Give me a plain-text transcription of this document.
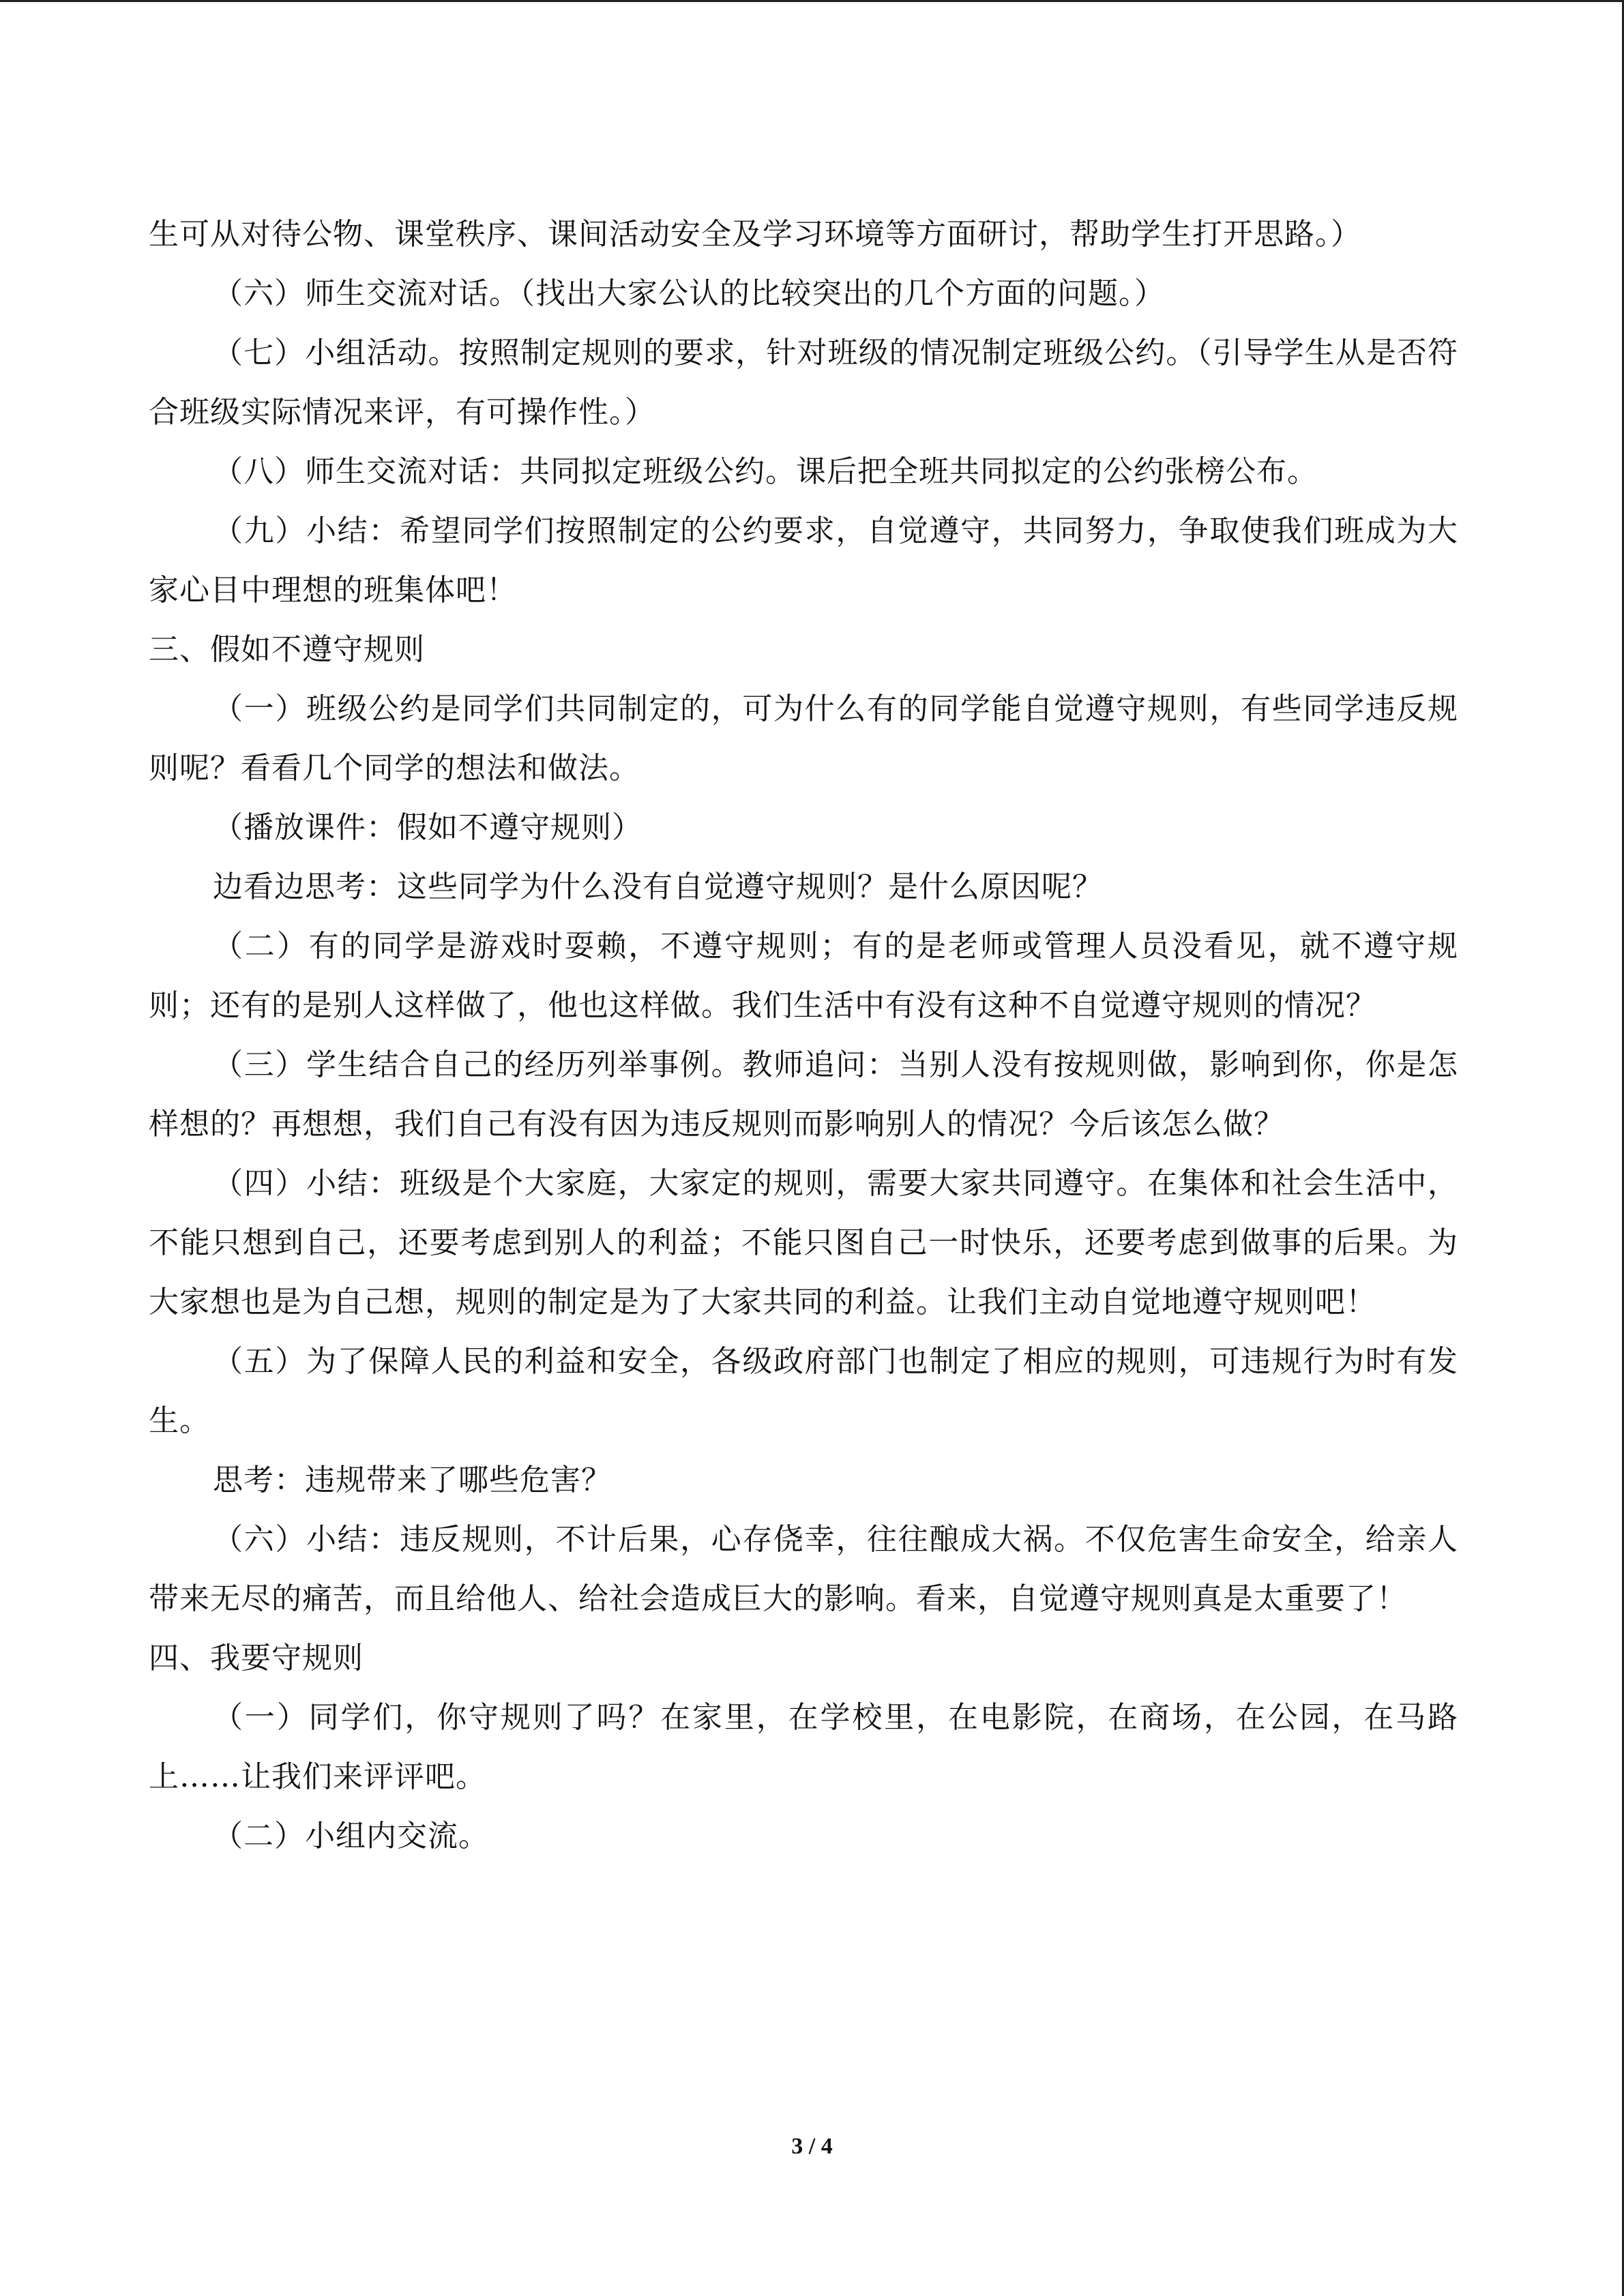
生可从对待公物、课堂秩序、课间活动安全及学习环境等方面研讨，帮助学生打开思路。）

（六）师生交流对话。（找出大家公认的比较突出的几个方面的问题。）

（七）小组活动。按照制定规则的要求，针对班级的情况制定班级公约。（引导学生从是否符合班级实际情况来评，有可操作性。）

（八）师生交流对话：共同拟定班级公约。课后把全班共同拟定的公约张榜公布。

（九）小结：希望同学们按照制定的公约要求，自觉遵守，共同努力，争取使我们班成为大家心目中理想的班集体吧！

三、假如不遵守规则

（一）班级公约是同学们共同制定的，可为什么有的同学能自觉遵守规则，有些同学违反规则呢？看看几个同学的想法和做法。

（播放课件：假如不遵守规则）

边看边思考：这些同学为什么没有自觉遵守规则？是什么原因呢？

（二）有的同学是游戏时耍赖，不遵守规则；有的是老师或管理人员没看见，就不遵守规则；还有的是别人这样做了，他也这样做。我们生活中有没有这种不自觉遵守规则的情况？

（三）学生结合自己的经历列举事例。教师追问：当别人没有按规则做，影响到你，你是怎样想的？再想想，我们自己有没有因为违反规则而影响别人的情况？今后该怎么做？

（四）小结：班级是个大家庭，大家定的规则，需要大家共同遵守。在集体和社会生活中，不能只想到自己，还要考虑到别人的利益；不能只图自己一时快乐，还要考虑到做事的后果。为大家想也是为自己想，规则的制定是为了大家共同的利益。让我们主动自觉地遵守规则吧！

（五）为了保障人民的利益和安全，各级政府部门也制定了相应的规则，可违规行为时有发生。

思考：违规带来了哪些危害？

（六）小结：违反规则，不计后果，心存侥幸，往往酿成大祸。不仅危害生命安全，给亲人带来无尽的痛苦，而且给他人、给社会造成巨大的影响。看来，自觉遵守规则真是太重要了！

四、我要守规则

（一）同学们，你守规则了吗？在家里，在学校里，在电影院，在商场，在公园，在马路上……让我们来评评吧。

（二）小组内交流。

3 / 4
